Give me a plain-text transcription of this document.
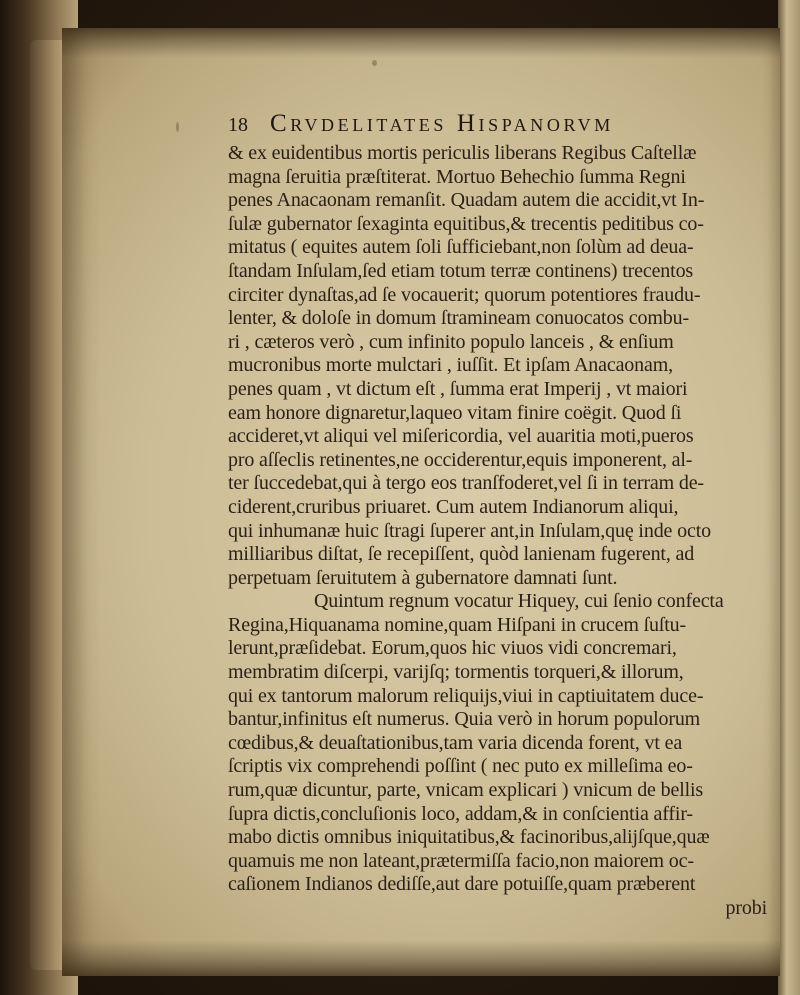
18 Crvdelitates Hispanorvm
& ex euidentibus mortis periculis liberans Regibus Caſtellæ
magna ſeruitia præſtiterat. Mortuo Behechio ſumma Regni
penes Anacaonam remanſit. Quadam autem die accidit,vt In-
ſulæ gubernator ſexaginta equitibus,& trecentis peditibus co-
mitatus ( equites autem ſoli ſufficiebant,non ſolùm ad deua-
ſtandam Inſulam,ſed etiam totum terræ continens) trecentos
circiter dynaſtas,ad ſe vocauerit; quorum potentiores fraudu-
lenter, & doloſe in domum ſtramineam conuocatos combu-
ri , cæteros verò , cum infinito populo lanceis , & enſium
mucronibus morte mulctari , iuſſit. Et ipſam Anacaonam,
penes quam , vt dictum eſt , ſumma erat Imperij , vt maiori
eam honore dignaretur,laqueo vitam finire coëgit. Quod ſi
accideret,vt aliqui vel miſericordia, vel auaritia moti,pueros
pro aſſeclis retinentes,ne occiderentur,equis imponerent, al-
ter ſuccedebat,qui à tergo eos tranſfoderet,vel ſi in terram de-
ciderent,cruribus priuaret. Cum autem Indianorum aliqui,
qui inhumanæ huic ſtragi ſuperer ant,in Inſulam,quę inde octo
milliaribus diſtat, ſe recepiſſent, quòd lanienam fugerent, ad
perpetuam ſeruitutem à gubernatore damnati ſunt.
Quintum regnum vocatur Hiquey, cui ſenio confecta
Regina,Hiquanama nomine,quam Hiſpani in crucem ſuſtu-
lerunt,præſidebat. Eorum,quos hic viuos vidi concremari,
membratim diſcerpi, varijſq; tormentis torqueri,& illorum,
qui ex tantorum malorum reliquijs,viui in captiuitatem duce-
bantur,infinitus eſt numerus. Quia verò in horum populorum
cœdibus,& deuaſtationibus,tam varia dicenda forent, vt ea
ſcriptis vix comprehendi poſſint ( nec puto ex milleſima eo-
rum,quæ dicuntur, parte, vnicam explicari ) vnicum de bellis
ſupra dictis,concluſionis loco, addam,& in conſcientia affir-
mabo dictis omnibus iniquitatibus,& facinoribus,alijſque,quæ
quamuis me non lateant,prætermiſſa facio,non maiorem oc-
caſionem Indianos dediſſe,aut dare potuiſſe,quam præberent
probi
